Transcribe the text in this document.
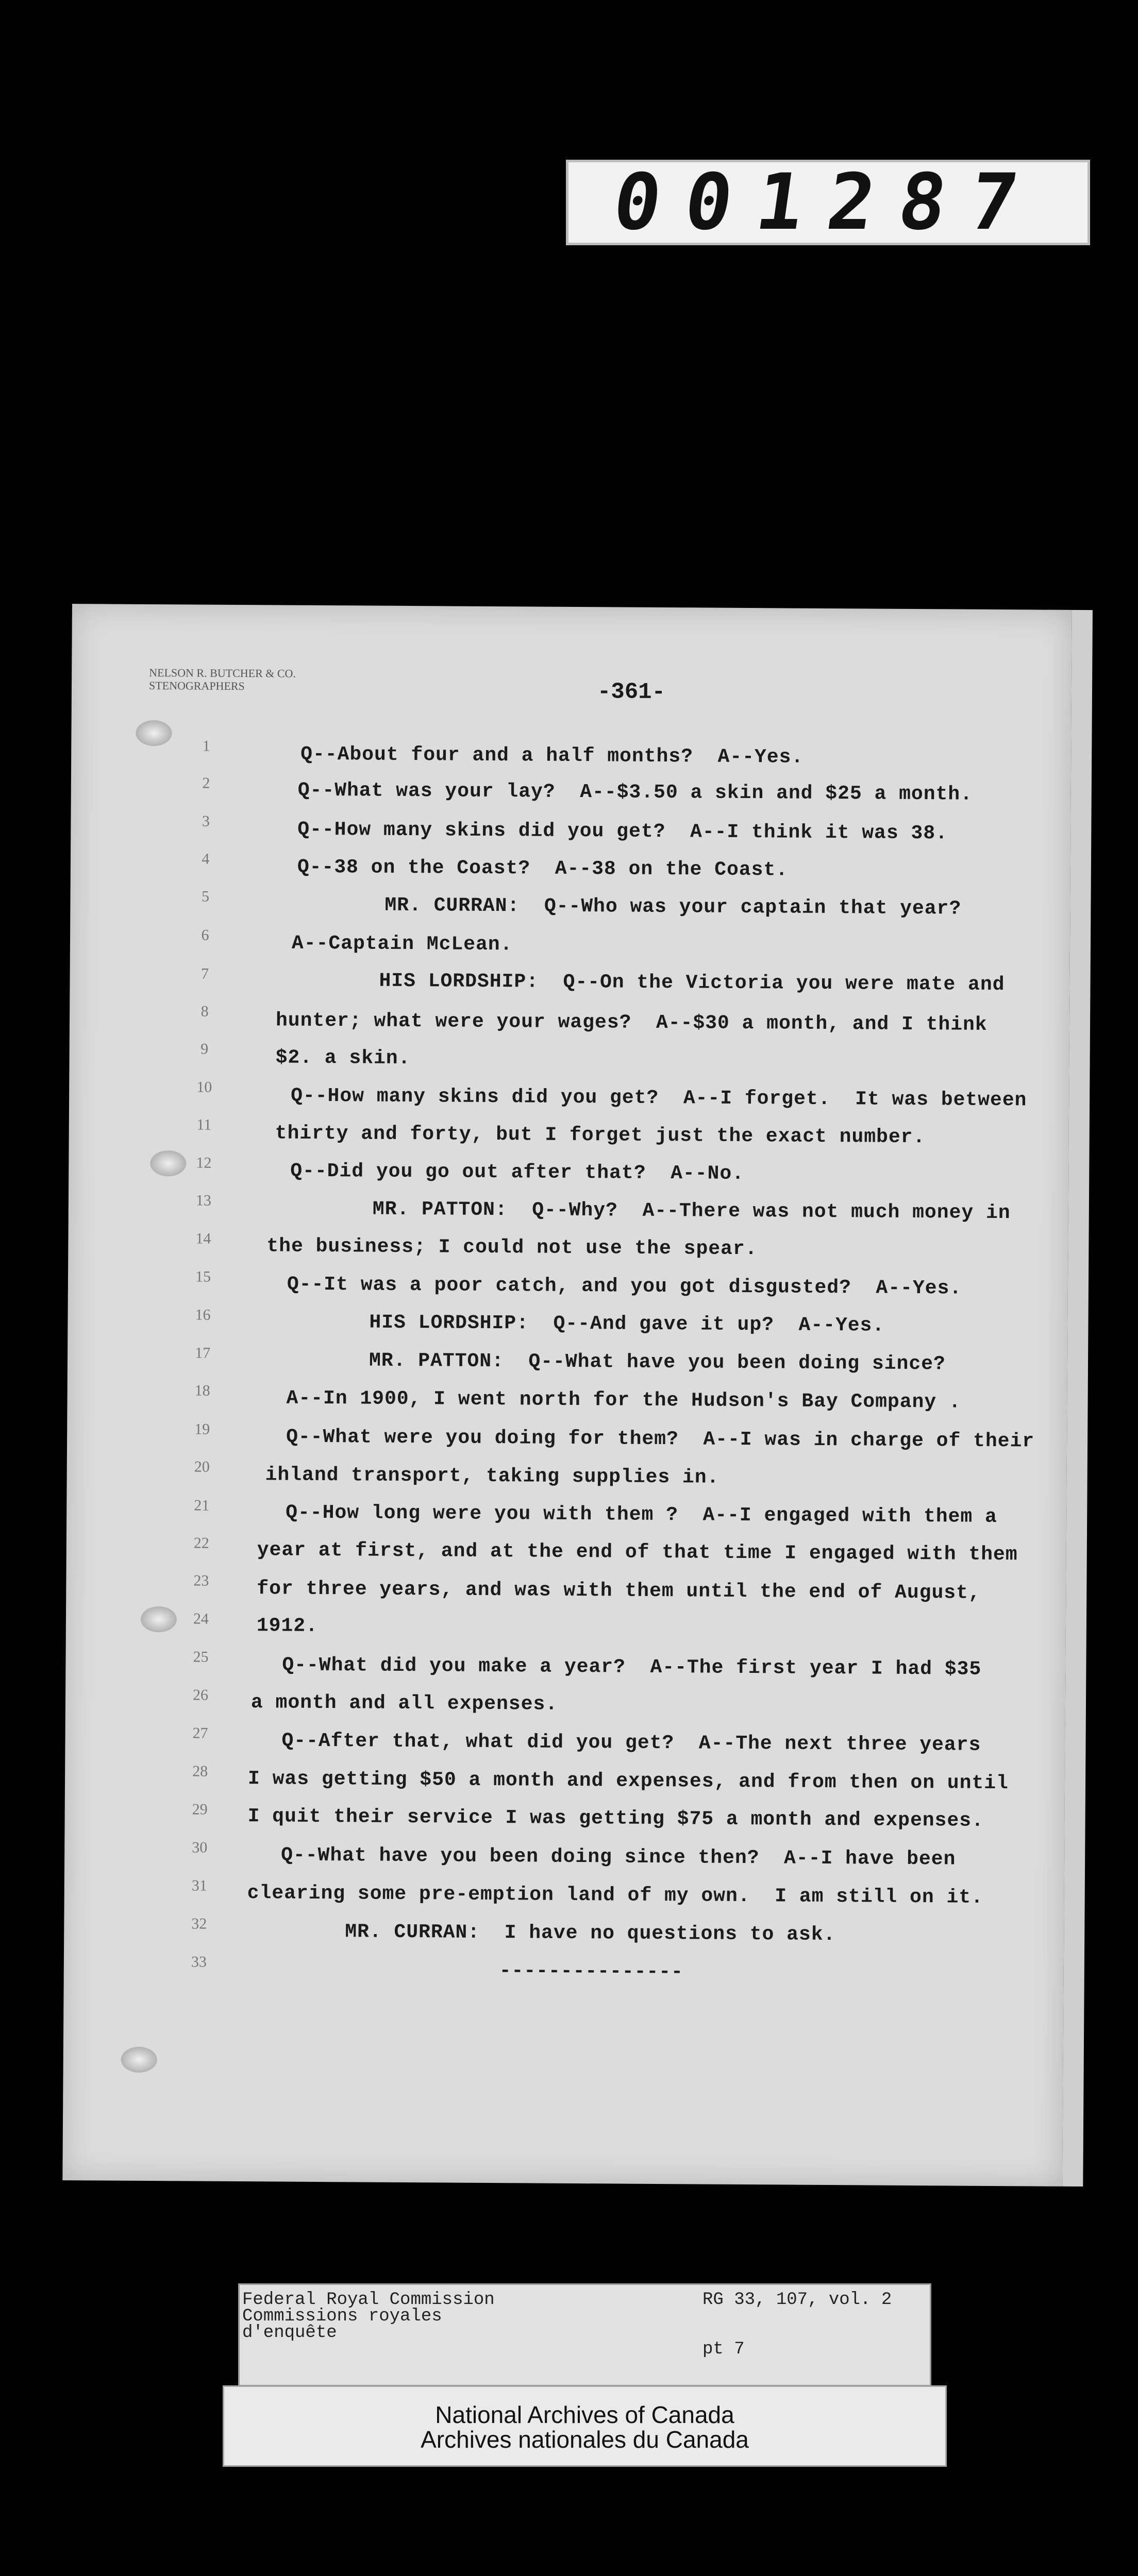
001287
NELSON R. BUTCHER & CO.
STENOGRAPHERS	-361-
1
2
3
4
5
6
7
8
9
10
11
12
13
14
15
16
17
18
19
20
21
22
23
24
25
26
27
28
29
30
31
32
33
Q--About four and a half months?  A--Yes.
Q--What was your lay?  A--$3.50 a skin and $25 a month.
Q--How many skins did you get?  A--I think it was 38.
Q--38 on the Coast?  A--38 on the Coast.
MR. CURRAN:  Q--Who was your captain that year?
A--Captain McLean.
HIS LORDSHIP:  Q--On the Victoria you were mate and
hunter; what were your wages?  A--$30 a month, and I think
$2. a skin.
Q--How many skins did you get?  A--I forget.  It was between
thirty and forty, but I forget just the exact number.
Q--Did you go out after that?  A--No.
MR. PATTON:  Q--Why?  A--There was not much money in
the business; I could not use the spear.
Q--It was a poor catch, and you got disgusted?  A--Yes.
HIS LORDSHIP:  Q--And gave it up?  A--Yes.
MR. PATTON:  Q--What have you been doing since?
A--In 1900, I went north for the Hudson's Bay Company .
Q--What were you doing for them?  A--I was in charge of their
ihland transport, taking supplies in.
Q--How long were you with them ?  A--I engaged with them a
year at first, and at the end of that time I engaged with them
for three years, and was with them until the end of August,
1912.
Q--What did you make a year?  A--The first year I had $35
a month and all expenses.
Q--After that, what did you get?  A--The next three years
I was getting $50 a month and expenses, and from then on until
I quit their service I was getting $75 a month and expenses.
Q--What have you been doing since then?  A--I have been
clearing some pre-emption land of my own.  I am still on it.
MR. CURRAN:  I have no questions to ask.
---------------
Federal Royal Commission
Commissions royales
d'enquête
RG 33, 107, vol. 2
pt 7
National Archives of Canada
Archives nationales du Canada
